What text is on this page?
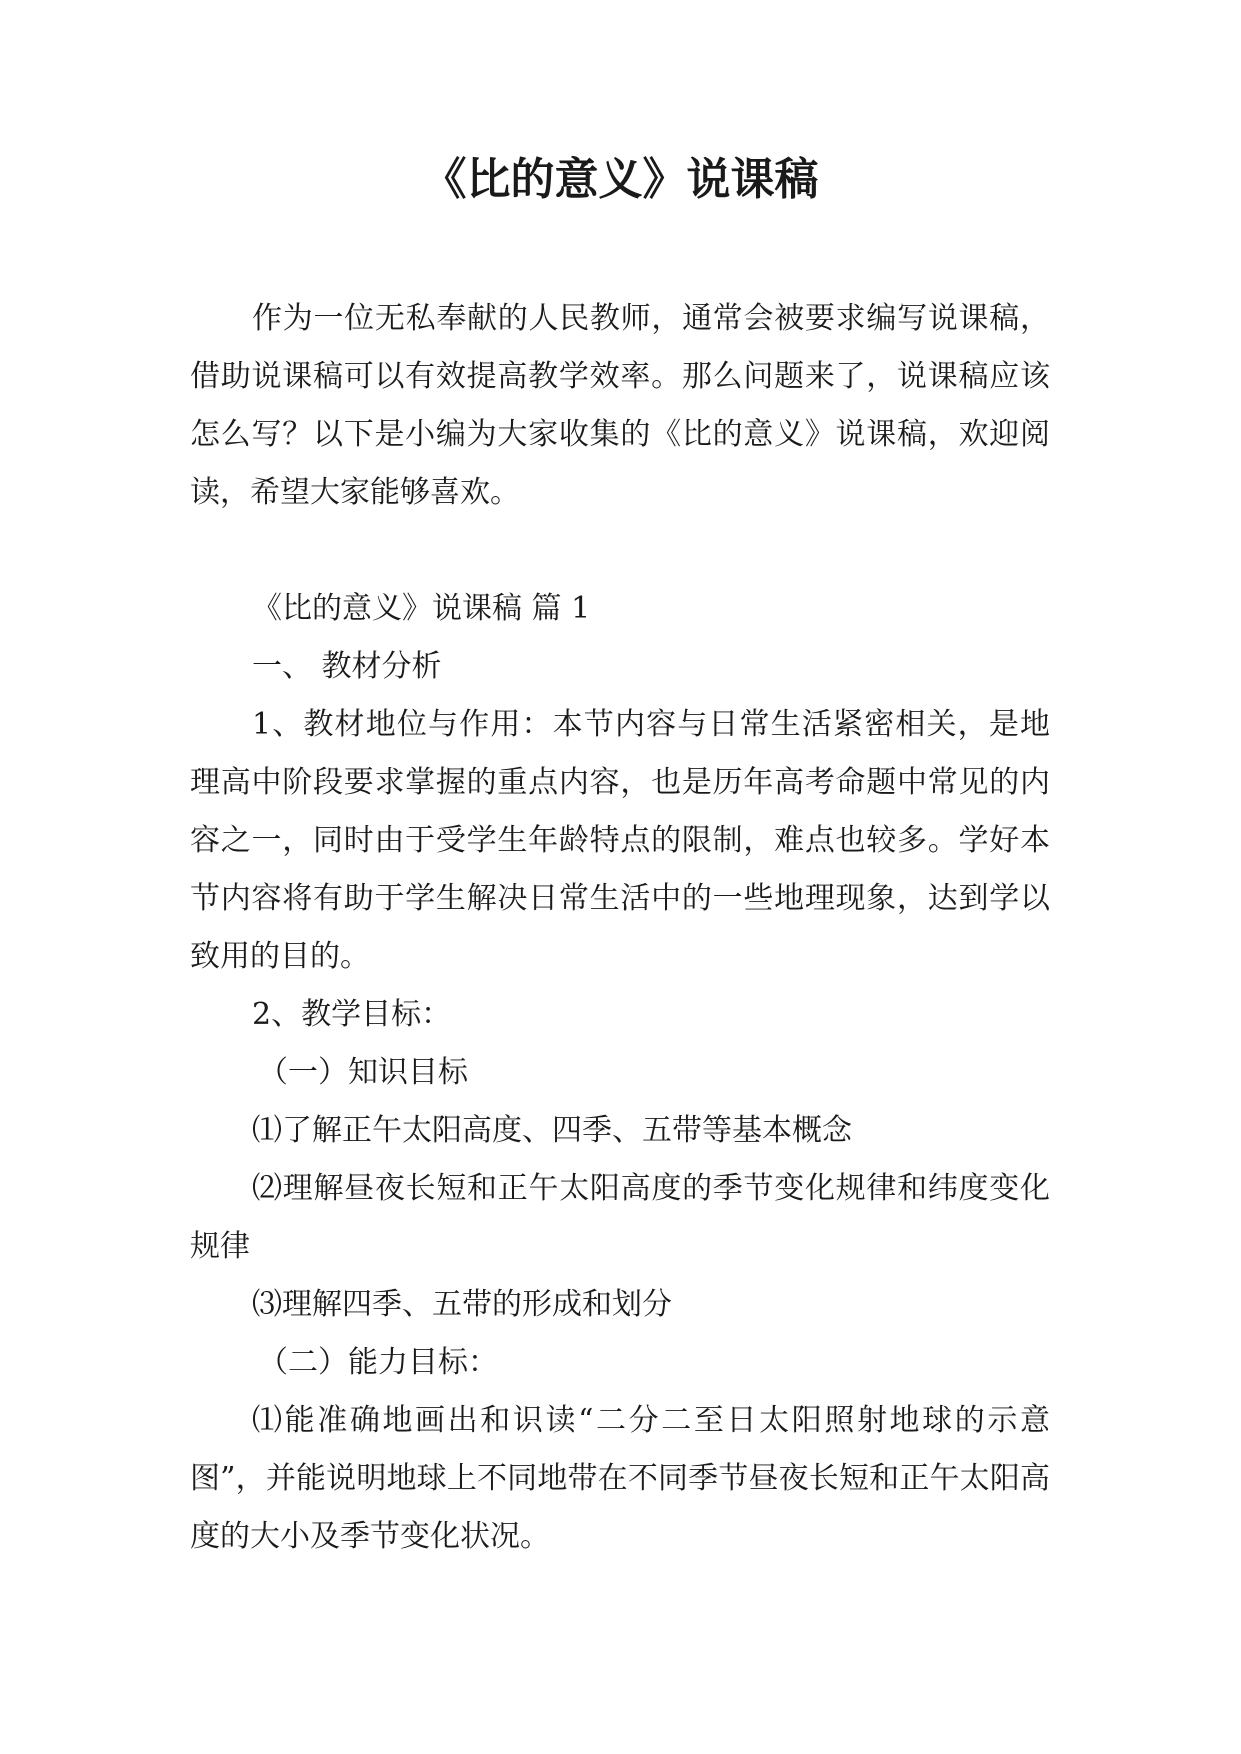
《比的意义》说课稿

作为一位无私奉献的人民教师，通常会被要求编写说课稿，借助说课稿可以有效提高教学效率。那么问题来了，说课稿应该怎么写？以下是小编为大家收集的《比的意义》说课稿，欢迎阅读，希望大家能够喜欢。

《比的意义》说课稿 篇 1

一、 教材分析

1、教材地位与作用：本节内容与日常生活紧密相关，是地理高中阶段要求掌握的重点内容，也是历年高考命题中常见的内容之一，同时由于受学生年龄特点的限制，难点也较多。学好本节内容将有助于学生解决日常生活中的一些地理现象，达到学以致用的目的。

2、教学目标：

（一）知识目标

⑴了解正午太阳高度、四季、五带等基本概念

⑵理解昼夜长短和正午太阳高度的季节变化规律和纬度变化规律

⑶理解四季、五带的形成和划分

（二）能力目标：

⑴能准确地画出和识读“二分二至日太阳照射地球的示意图”，并能说明地球上不同地带在不同季节昼夜长短和正午太阳高度的大小及季节变化状况。
